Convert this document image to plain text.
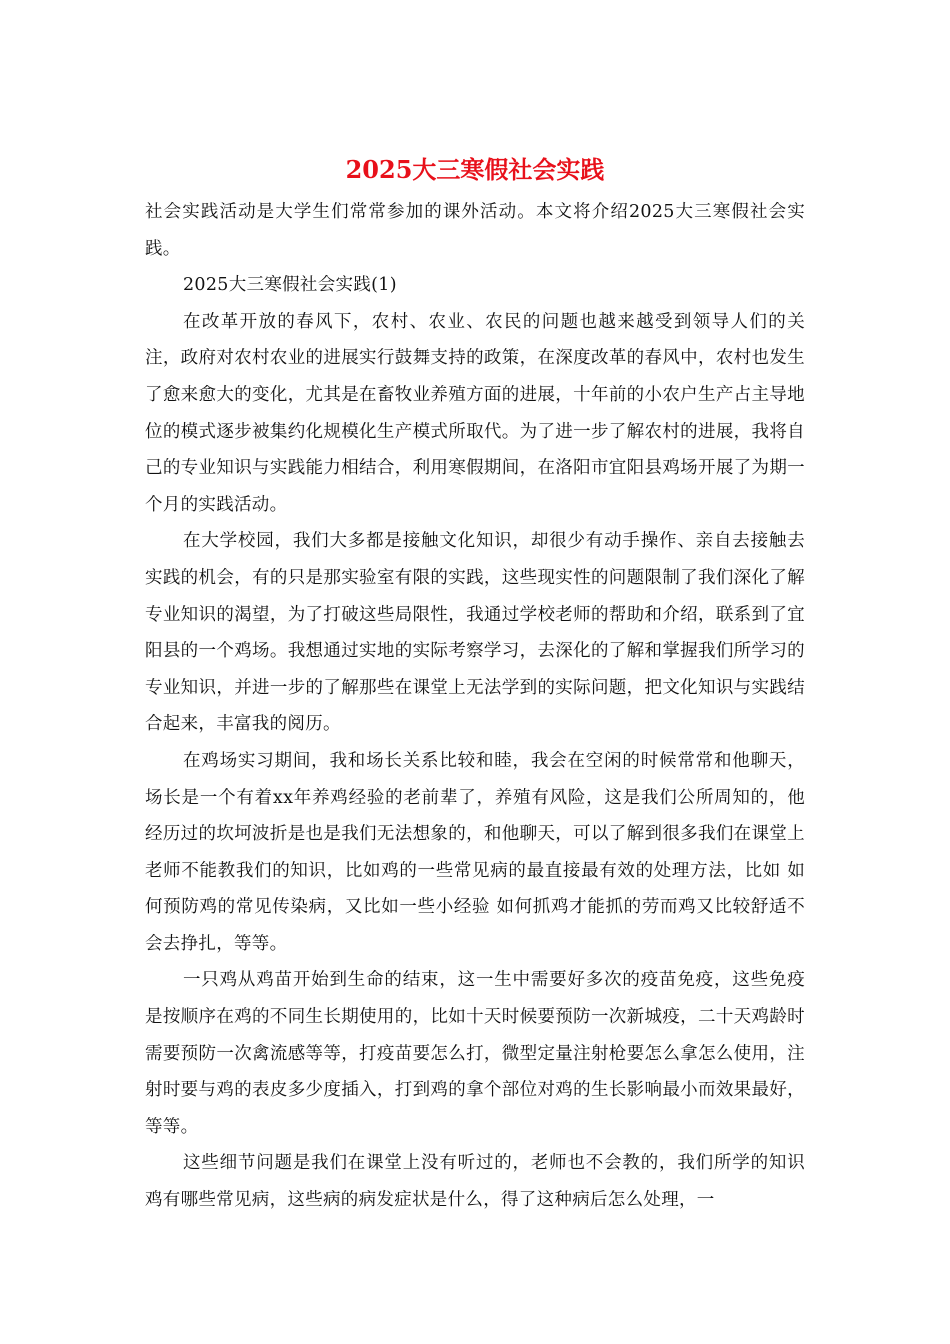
2025大三寒假社会实践

社会实践活动是大学生们常常参加的课外活动。本文将介绍2025大三寒假社会实践。

2025大三寒假社会实践(1)

在改革开放的春风下，农村、农业、农民的问题也越来越受到领导人们的关注，政府对农村农业的进展实行鼓舞支持的政策，在深度改革的春风中，农村也发生了愈来愈大的变化，尤其是在畜牧业养殖方面的进展，十年前的小农户生产占主导地位的模式逐步被集约化规模化生产模式所取代。为了进一步了解农村的进展，我将自己的专业知识与实践能力相结合，利用寒假期间，在洛阳市宜阳县鸡场开展了为期一个月的实践活动。

在大学校园，我们大多都是接触文化知识，却很少有动手操作、亲自去接触去实践的机会，有的只是那实验室有限的实践，这些现实性的问题限制了我们深化了解专业知识的渴望，为了打破这些局限性，我通过学校老师的帮助和介绍，联系到了宜阳县的一个鸡场。我想通过实地的实际考察学习，去深化的了解和掌握我们所学习的专业知识，并进一步的了解那些在课堂上无法学到的实际问题，把文化知识与实践结合起来，丰富我的阅历。

在鸡场实习期间，我和场长关系比较和睦，我会在空闲的时候常常和他聊天，场长是一个有着xx年养鸡经验的老前辈了，养殖有风险，这是我们公所周知的，他经历过的坎坷波折是也是我们无法想象的，和他聊天，可以了解到很多我们在课堂上老师不能教我们的知识，比如鸡的一些常见病的最直接最有效的处理方法，比如 如何预防鸡的常见传染病，又比如一些小经验 如何抓鸡才能抓的劳而鸡又比较舒适不会去挣扎，等等。

一只鸡从鸡苗开始到生命的结束，这一生中需要好多次的疫苗免疫，这些免疫是按顺序在鸡的不同生长期使用的，比如十天时候要预防一次新城疫，二十天鸡龄时需要预防一次禽流感等等，打疫苗要怎么打，微型定量注射枪要怎么拿怎么使用，注射时要与鸡的表皮多少度插入，打到鸡的拿个部位对鸡的生长影响最小而效果最好，等等。

这些细节问题是我们在课堂上没有听过的，老师也不会教的，我们所学的知识鸡有哪些常见病，这些病的病发症状是什么，得了这种病后怎么处理，一
